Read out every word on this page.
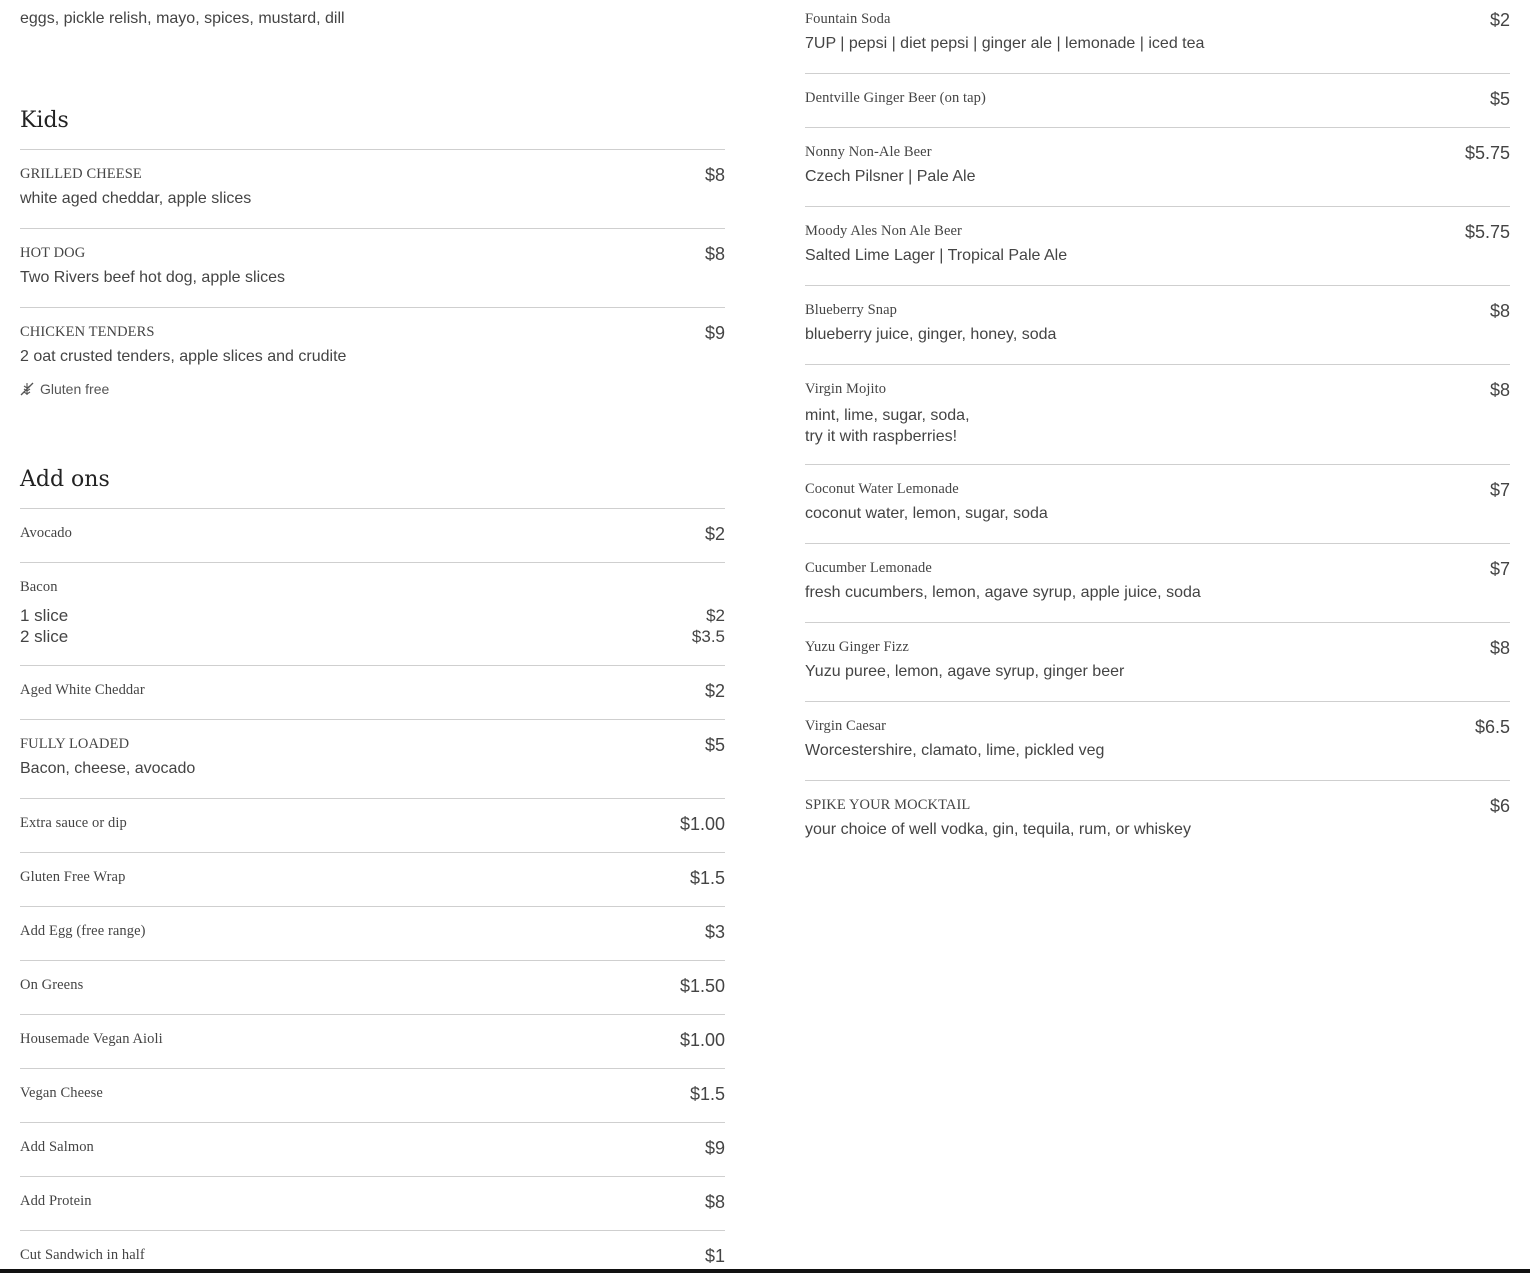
eggs, pickle relish, mayo, spices, mustard, dill
Kids
GRILLED CHEESE	$8
white aged cheddar, apple slices
HOT DOG	$8
Two Rivers beef hot dog, apple slices
CHICKEN TENDERS	$9
2 oat crusted tenders, apple slices and crudite
Gluten free
Add ons
Avocado	$2
Bacon
1 slice	$2
2 slice	$3.5
Aged White Cheddar	$2
FULLY LOADED	$5
Bacon, cheese, avocado
Extra sauce or dip	$1.00
Gluten Free Wrap	$1.5
Add Egg (free range)	$3
On Greens	$1.50
Housemade Vegan Aioli	$1.00
Vegan Cheese	$1.5
Add Salmon	$9
Add Protein	$8
Cut Sandwich in half	$1
Fountain Soda	$2
7UP | pepsi | diet pepsi | ginger ale | lemonade | iced tea
Dentville Ginger Beer (on tap)	$5
Nonny Non-Ale Beer	$5.75
Czech Pilsner | Pale Ale
Moody Ales Non Ale Beer	$5.75
Salted Lime Lager | Tropical Pale Ale
Blueberry Snap	$8
blueberry juice, ginger, honey, soda
Virgin Mojito	$8
mint, lime, sugar, soda,
try it with raspberries!
Coconut Water Lemonade	$7
coconut water, lemon, sugar, soda
Cucumber Lemonade	$7
fresh cucumbers, lemon, agave syrup, apple juice, soda
Yuzu Ginger Fizz	$8
Yuzu puree, lemon, agave syrup, ginger beer
Virgin Caesar	$6.5
Worcestershire, clamato, lime, pickled veg
SPIKE YOUR MOCKTAIL	$6
your choice of well vodka, gin, tequila, rum, or whiskey
